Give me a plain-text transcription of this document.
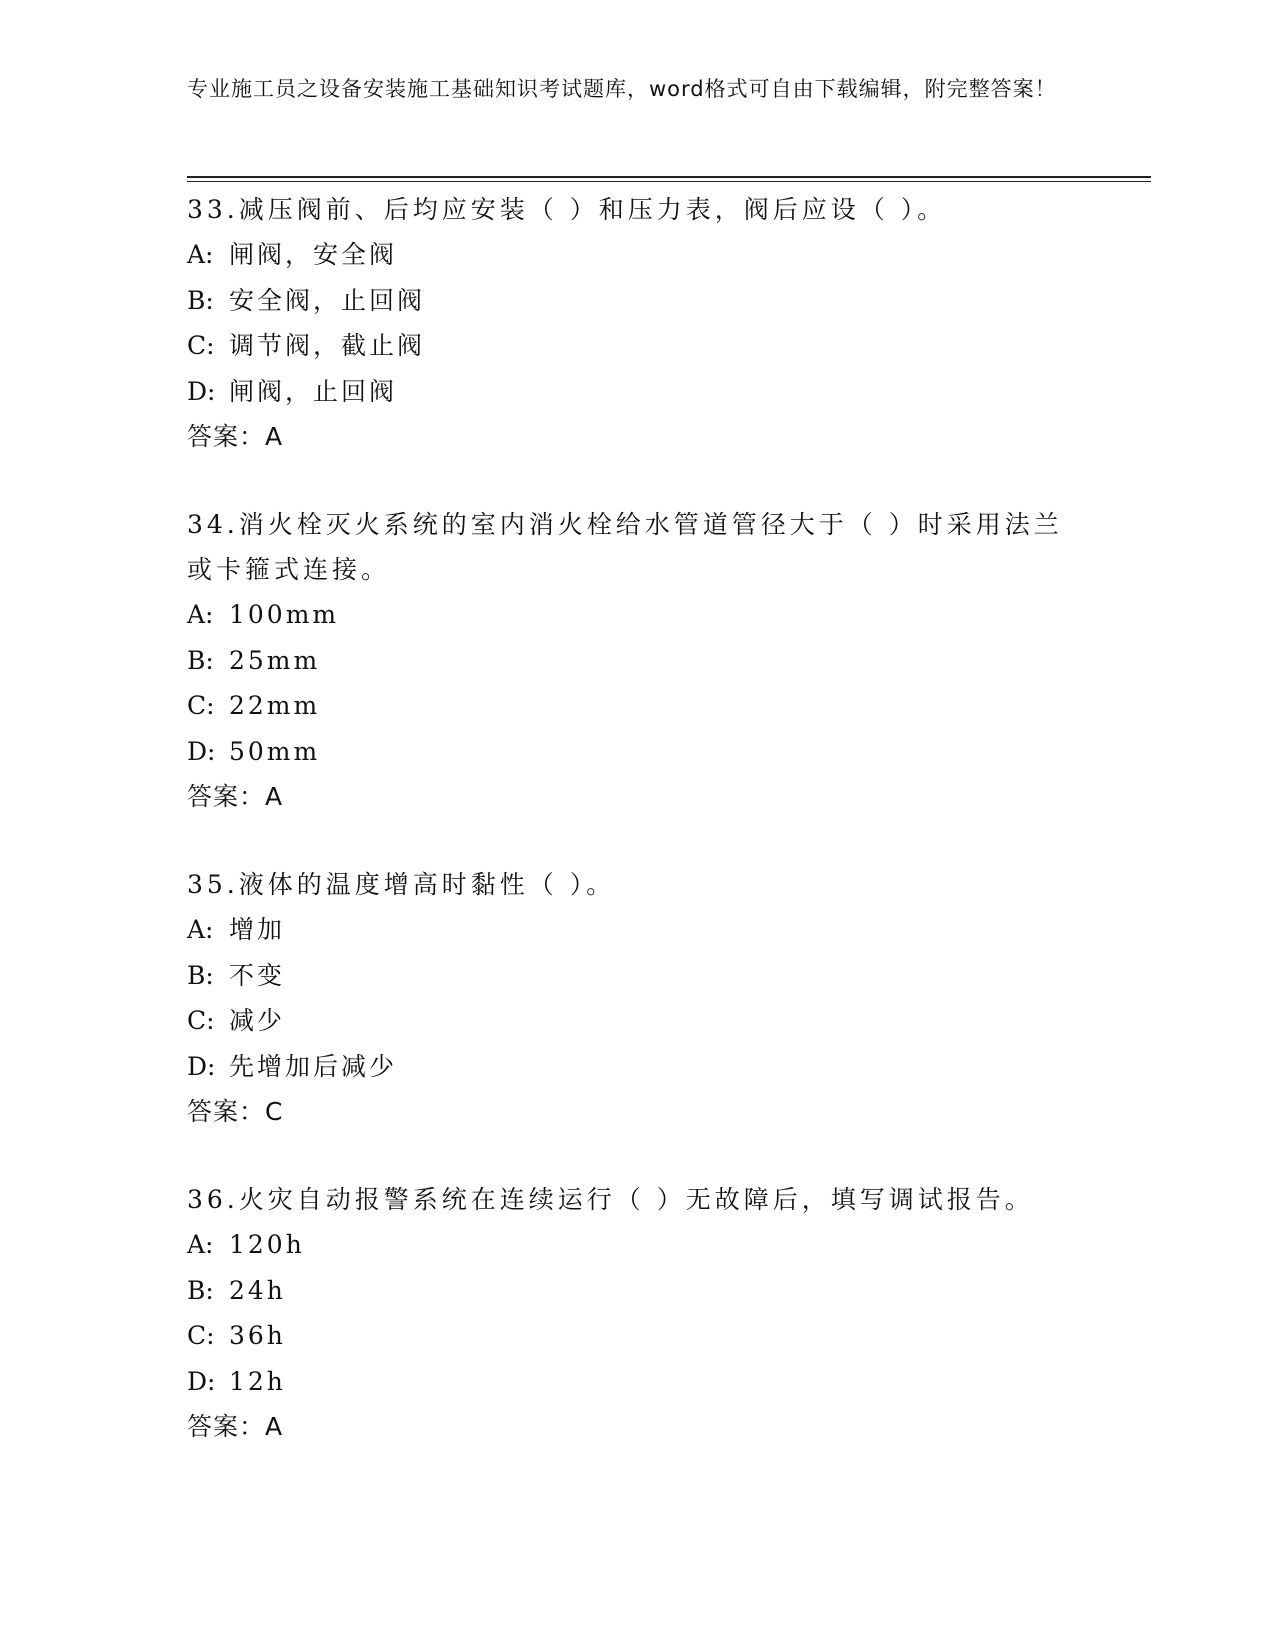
专业施工员之设备安装施工基础知识考试题库，word格式可自由下载编辑，附完整答案！
33.减压阀前、后均应安装（ ）和压力表，阀后应设（ ）。
A: 闸阀，安全阀
B: 安全阀，止回阀
C: 调节阀，截止阀
D: 闸阀，止回阀
答案：A
34.消火栓灭火系统的室内消火栓给水管道管径大于（ ）时采用法兰或卡箍式连接。
A: 100mm
B: 25mm
C: 22mm
D: 50mm
答案：A
35.液体的温度增高时黏性（ ）。
A: 增加
B: 不变
C: 减少
D: 先增加后减少
答案：C
36.火灾自动报警系统在连续运行（ ）无故障后，填写调试报告。
A: 120h
B: 24h
C: 36h
D: 12h
答案：A
